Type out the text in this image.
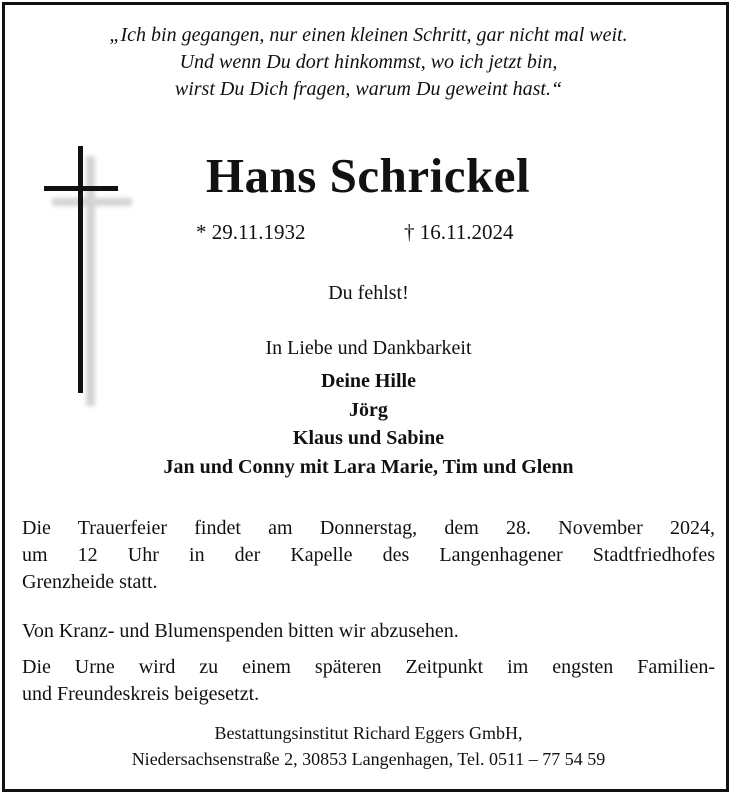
„Ich bin gegangen, nur einen kleinen Schritt, gar nicht mal weit.
Und wenn Du dort hinkommst, wo ich jetzt bin,
wirst Du Dich fragen, warum Du geweint hast.“
Hans Schrickel
* 29.11.1932	† 16.11.2024
Du fehlst!
In Liebe und Dankbarkeit
Deine Hille
Jörg
Klaus und Sabine
Jan und Conny mit Lara Marie, Tim und Glenn
Die Trauerfeier findet am Donnerstag, dem 28. November 2024,
um 12 Uhr in der Kapelle des Langenhagener Stadtfriedhofes
Grenzheide statt.
Von Kranz- und Blumenspenden bitten wir abzusehen.
Die Urne wird zu einem späteren Zeitpunkt im engsten Familien-
und Freundeskreis beigesetzt.
Bestattungsinstitut Richard Eggers GmbH,
Niedersachsenstraße 2, 30853 Langenhagen, Tel. 0511 – 77 54 59
